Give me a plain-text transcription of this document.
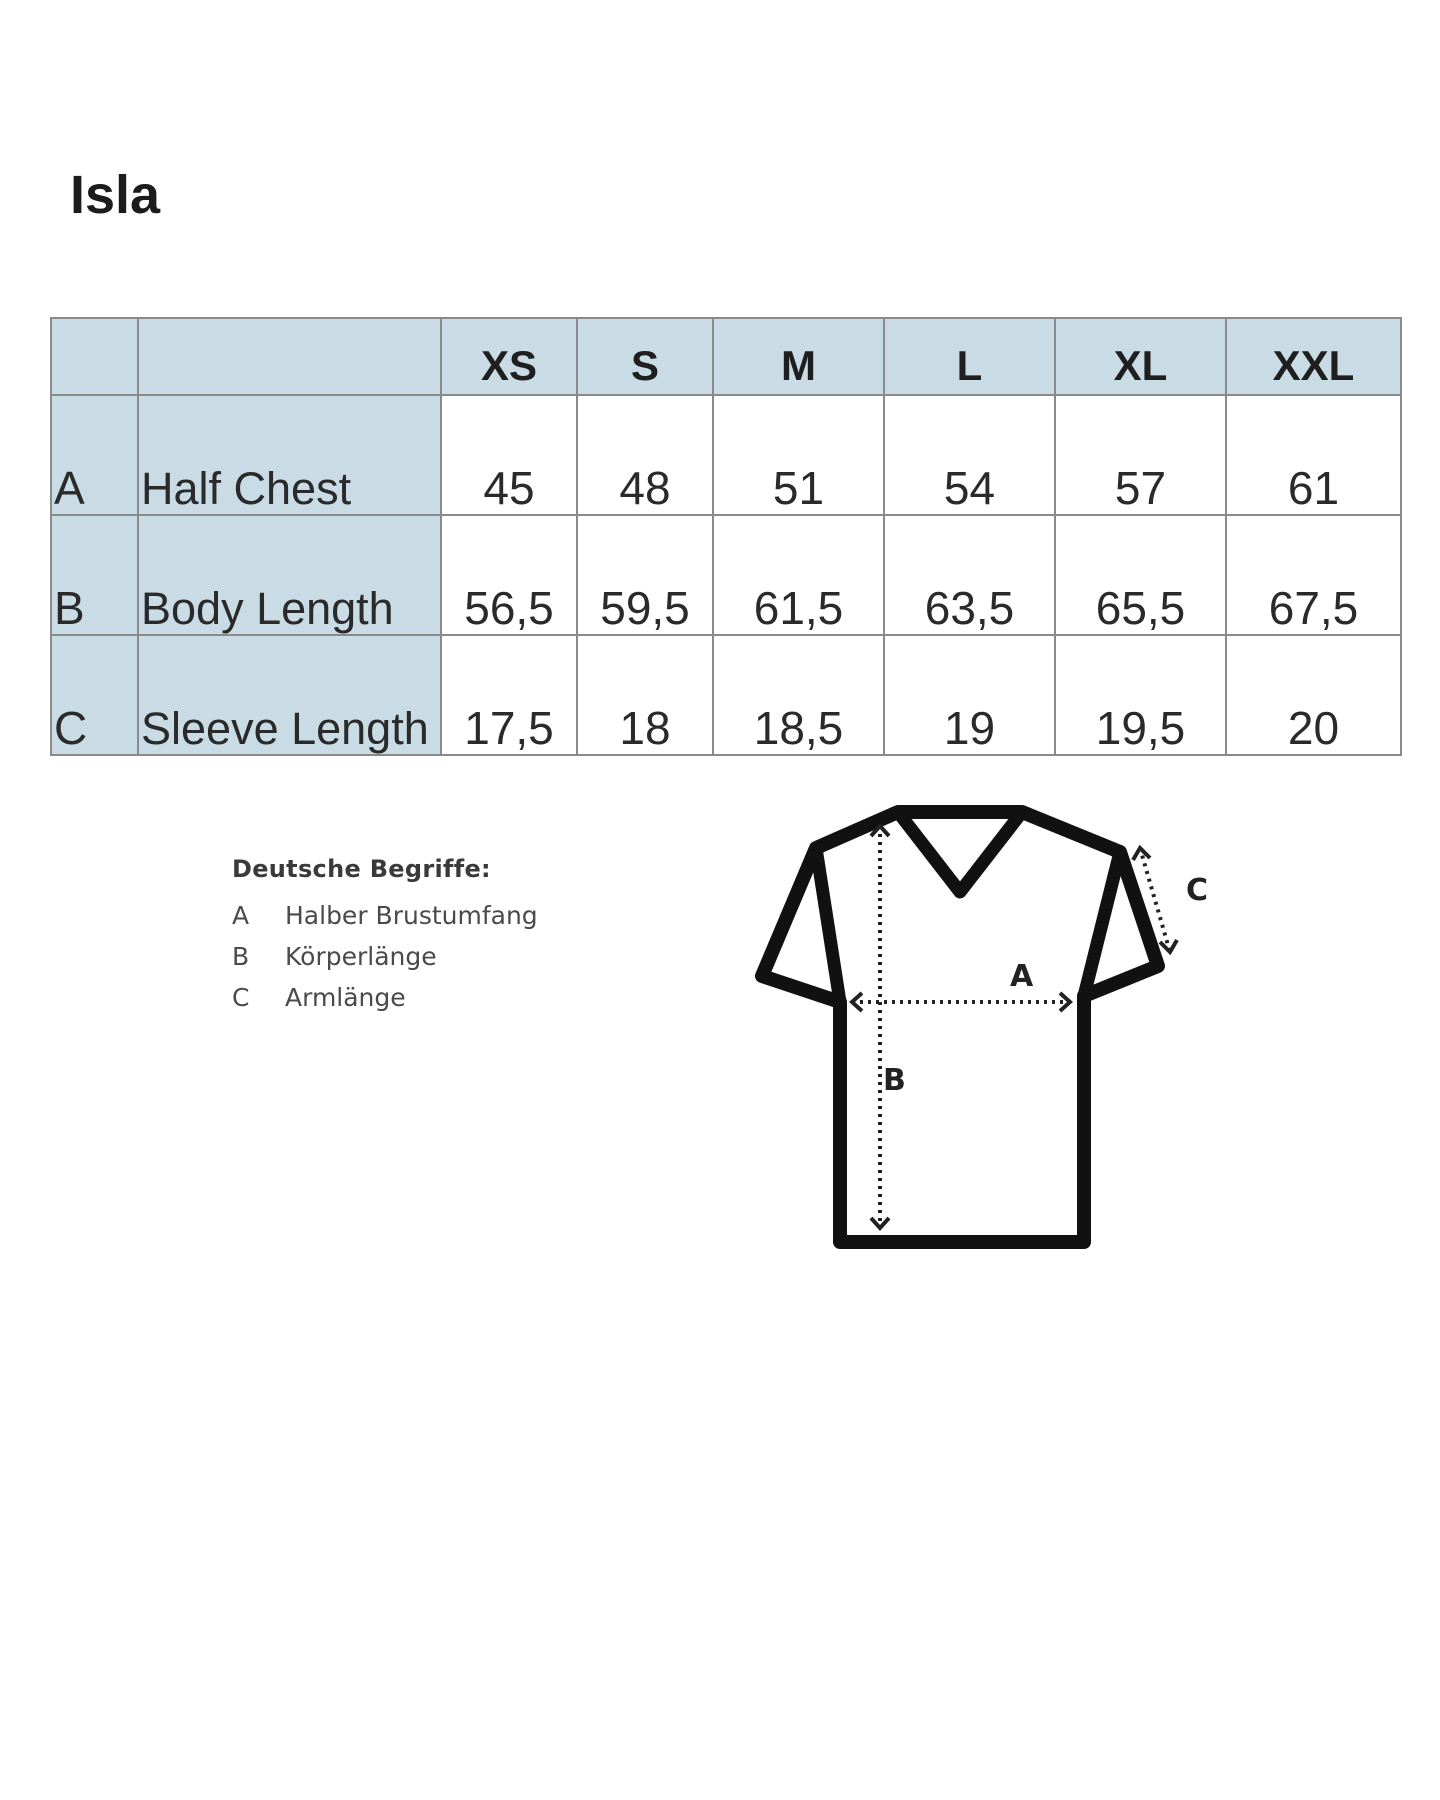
Isla
		XS	S	M	L	XL	XXL
A	Half Chest	45	48	51	54	57	61
B	Body Length	56,5	59,5	61,5	63,5	65,5	67,5
C	Sleeve Length	17,5	18	18,5	19	19,5	20
Deutsche Begriffe:
A	Halber Brustumfang
B	Körperlänge
C	Armlänge
A
B
C
